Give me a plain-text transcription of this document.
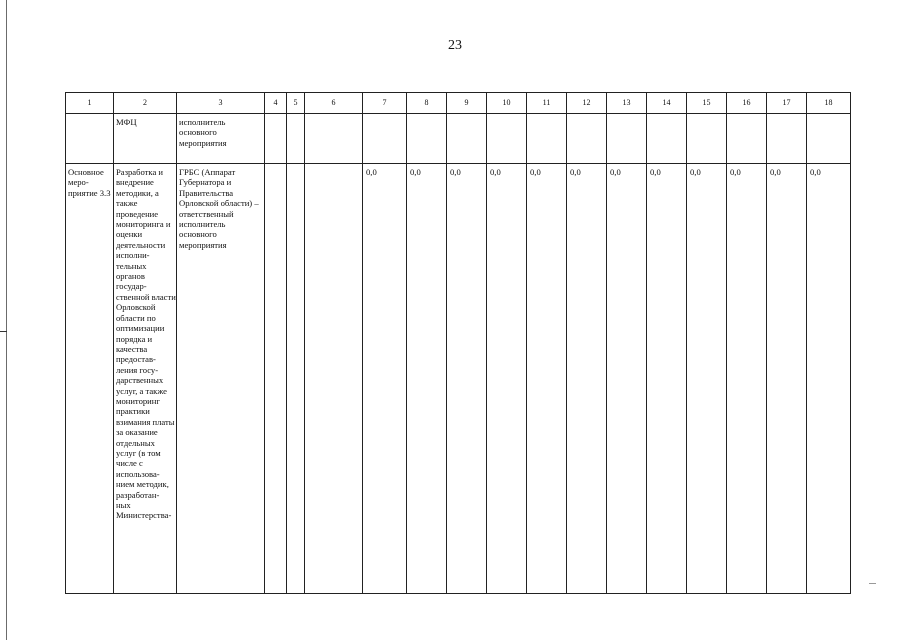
23
1	2	3	4	5	6	7	8	9	10	11	12	13	14	15	16	17	18
	МФЦ	исполнитель основного мероприятия															
Основное меро- приятие 3.3	Разработка и внедрение методики, а также проведение мониторинга и оценки деятельности исполни- тельных органов государ- ственной власти Орловской области по оптимизации порядка и качества предостав- ления госу- дарственных услуг, а также мониторинг практики взимания платы за оказание отдельных услуг (в том числе с использова- нием методик, разработан- ных Министерства-	ГРБС (Аппарат Губернатора и Правительства Орловской области) – ответственный исполнитель основного мероприятия				0,0	0,0	0,0	0,0	0,0	0,0	0,0	0,0	0,0	0,0	0,0	0,0
